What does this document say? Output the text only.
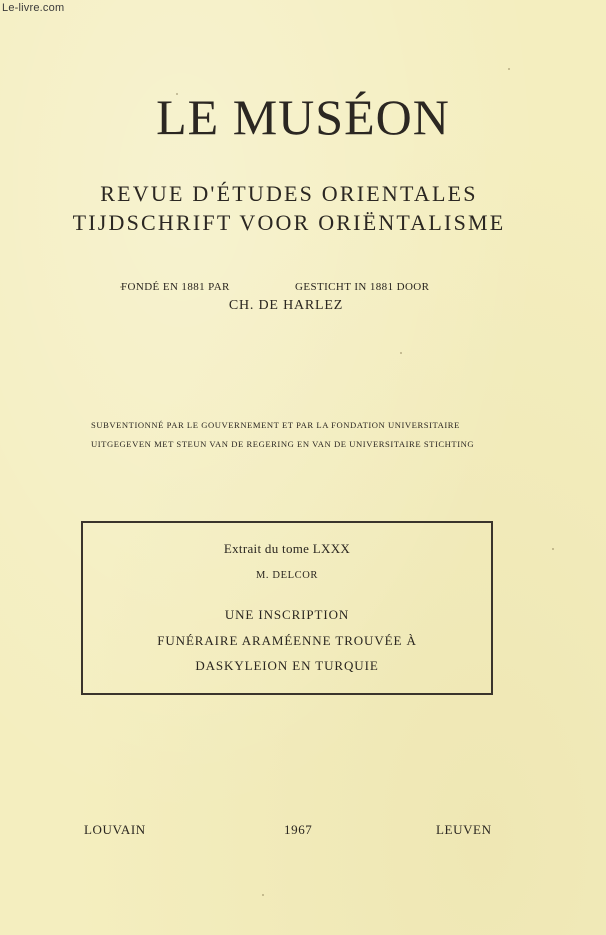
Le-livre.com
LE MUSÉON
REVUE D'ÉTUDES ORIENTALES
TIJDSCHRIFT VOOR ORIËNTALISME
FONDÉ EN 1881 PAR	GESTICHT IN 1881 DOOR
CH. DE HARLEZ
SUBVENTIONNÉ PAR LE GOUVERNEMENT ET PAR LA FONDATION UNIVERSITAIRE
UITGEGEVEN MET STEUN VAN DE REGERING EN VAN DE UNIVERSITAIRE STICHTING
Extrait du tome LXXX
M. DELCOR
UNE INSCRIPTION
FUNÉRAIRE ARAMÉENNE TROUVÉE À
DASKYLEION EN TURQUIE
LOUVAIN	1967	LEUVEN
